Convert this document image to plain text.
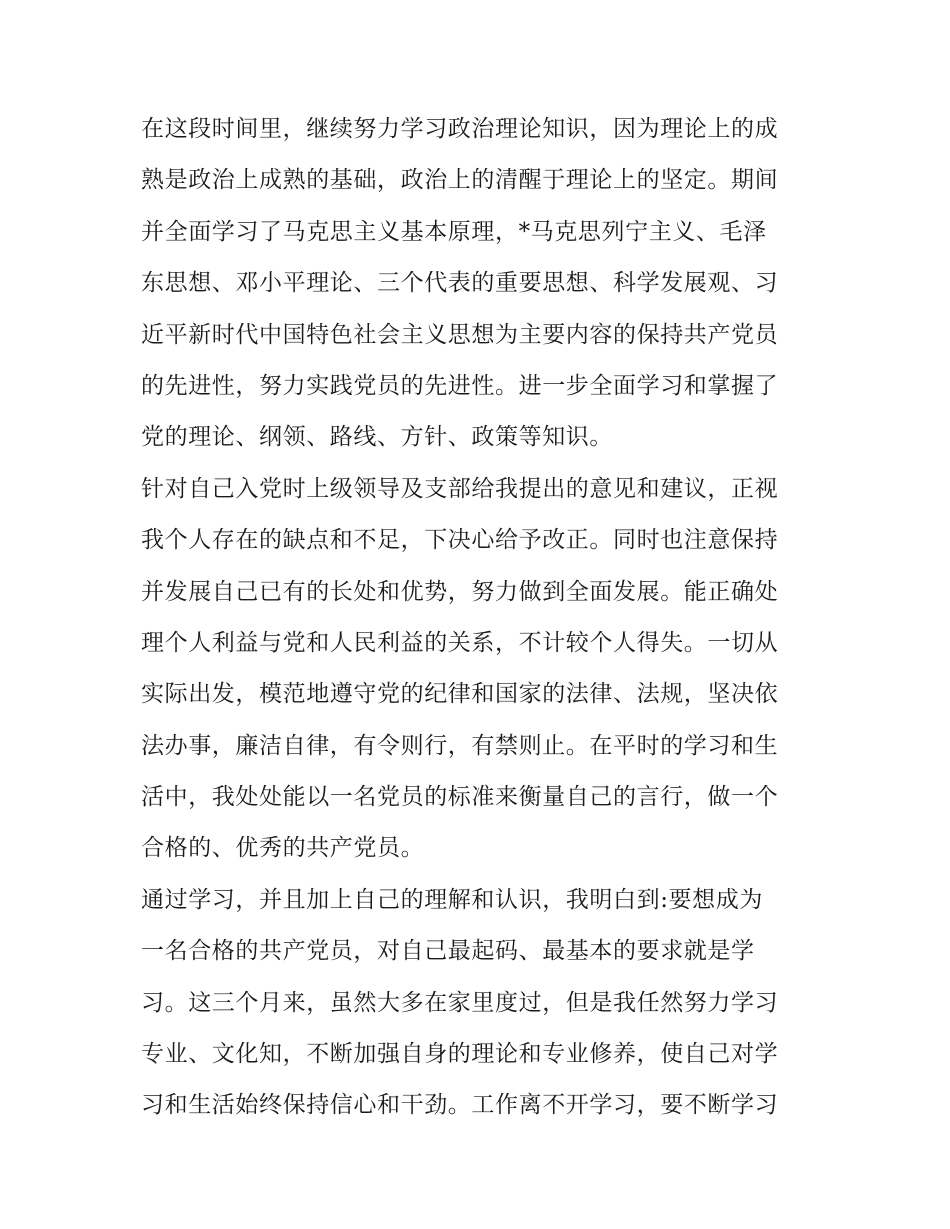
在这段时间里，继续努力学习政治理论知识，因为理论上的成
熟是政治上成熟的基础，政治上的清醒于理论上的坚定。期间
并全面学习了马克思主义基本原理，*马克思列宁主义、毛泽
东思想、邓小平理论、三个代表的重要思想、科学发展观、习
近平新时代中国特色社会主义思想为主要内容的保持共产党员
的先进性，努力实践党员的先进性。进一步全面学习和掌握了
党的理论、纲领、路线、方针、政策等知识。
针对自己入党时上级领导及支部给我提出的意见和建议，正视
我个人存在的缺点和不足，下决心给予改正。同时也注意保持
并发展自己已有的长处和优势，努力做到全面发展。能正确处
理个人利益与党和人民利益的关系，不计较个人得失。一切从
实际出发，模范地遵守党的纪律和国家的法律、法规，坚决依
法办事，廉洁自律，有令则行，有禁则止。在平时的学习和生
活中，我处处能以一名党员的标准来衡量自己的言行，做一个
合格的、优秀的共产党员。
通过学习，并且加上自己的理解和认识，我明白到:要想成为
一名合格的共产党员，对自己最起码、最基本的要求就是学
习。这三个月来，虽然大多在家里度过，但是我任然努力学习
专业、文化知，不断加强自身的理论和专业修养，使自己对学
习和生活始终保持信心和干劲。工作离不开学习，要不断学习
